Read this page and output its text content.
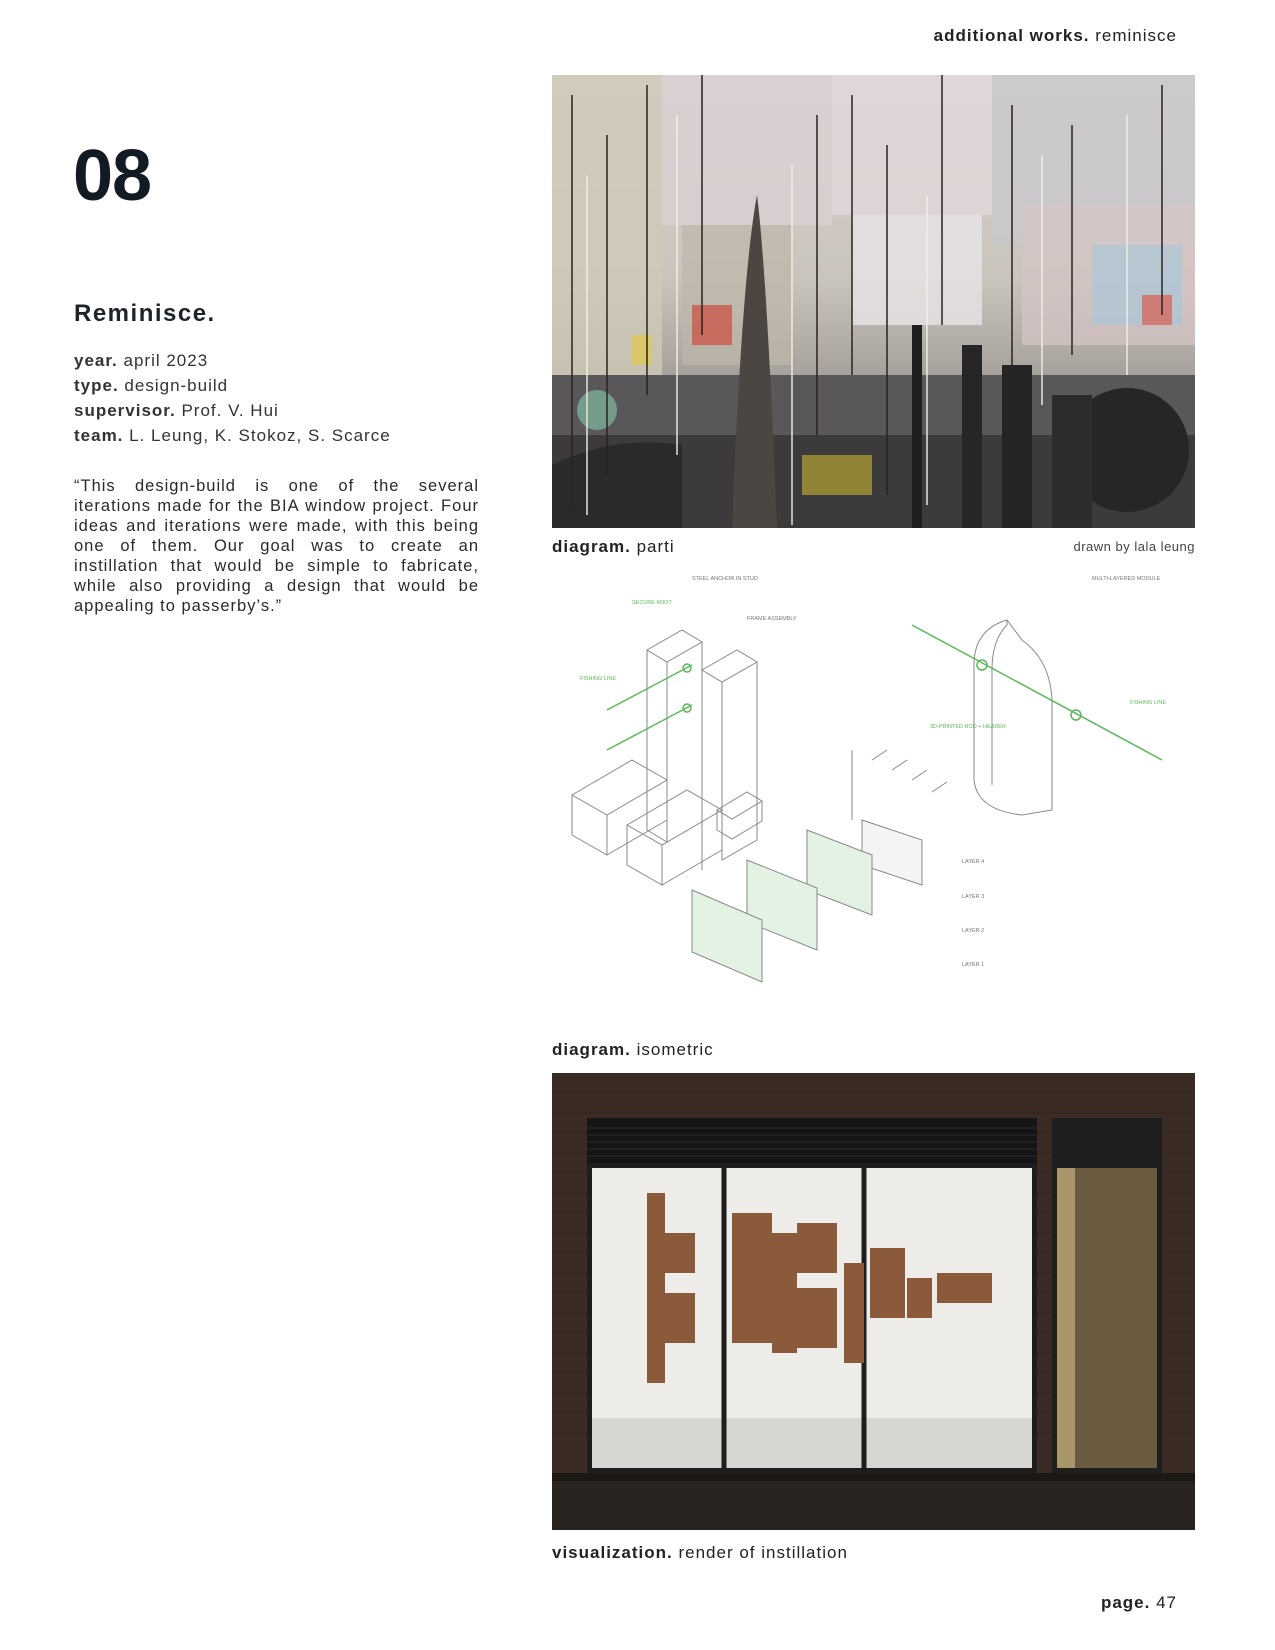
additional works. reminisce
08
Reminisce.
year. april 2023
type. design-build
supervisor. Prof. V. Hui
team. L. Leung, K. Stokoz, S. Scarce
“This design-build is one of the several iterations made for the BIA window project. Four ideas and iterations were made, with this being one of them. Our goal was to create an instillation that would be simple to fabricate, while also providing a design that would be appealing to passerby’s.”
diagram. parti	drawn by lala leung
STEEL ANCHOR IN STUD
SECURE KNOT
FRAME ASSEMBLY
FISHING LINE
MULTI-LAYERED MODULE
FISHING LINE
3D-PRINTED ROD + HEADER
LAYER 4
LAYER 3
LAYER 2
LAYER 1
diagram. isometric
visualization. render of instillation
page. 47
